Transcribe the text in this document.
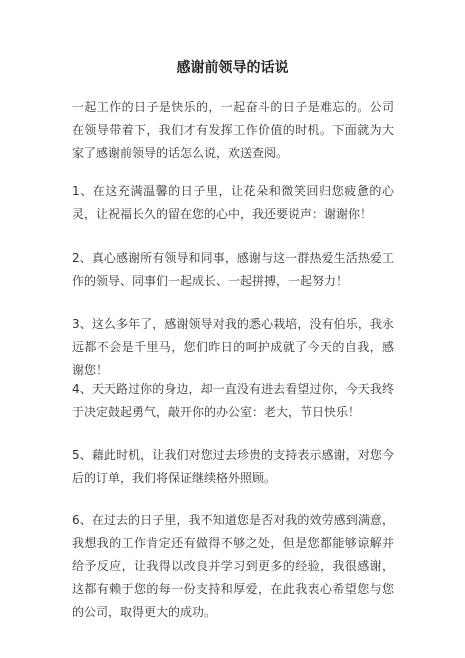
感谢前领导的话说
一起工作的日子是快乐的，一起奋斗的日子是难忘的。公司在领导带着下，我们才有发挥工作价值的时机。下面就为大家了感谢前领导的话怎么说，欢送查阅。
1、在这充满温馨的日子里，让花朵和微笑回归您疲惫的心灵，让祝福长久的留在您的心中，我还要说声：谢谢你！
2、真心感谢所有领导和同事，感谢与这一群热爱生活热爱工作的领导、同事们一起成长、一起拼搏，一起努力！
3、这么多年了，感谢领导对我的悉心栽培，没有伯乐，我永远都不会是千里马，您们昨日的呵护成就了今天的自我，感谢您！
4、天天路过你的身边，却一直没有进去看望过你，今天我终于决定鼓起勇气，敲开你的办公室：老大，节日快乐！
5、藉此时机，让我们对您过去珍贵的支持表示感谢，对您今后的订单，我们将保证继续格外照顾。
6、在过去的日子里，我不知道您是否对我的效劳感到满意，我想我的工作肯定还有做得不够之处，但是您都能够谅解并给予反应，让我得以改良并学习到更多的经验，我很感谢，这都有赖于您的每一份支持和厚爱，在此我衷心希望您与您的公司，取得更大的成功。
